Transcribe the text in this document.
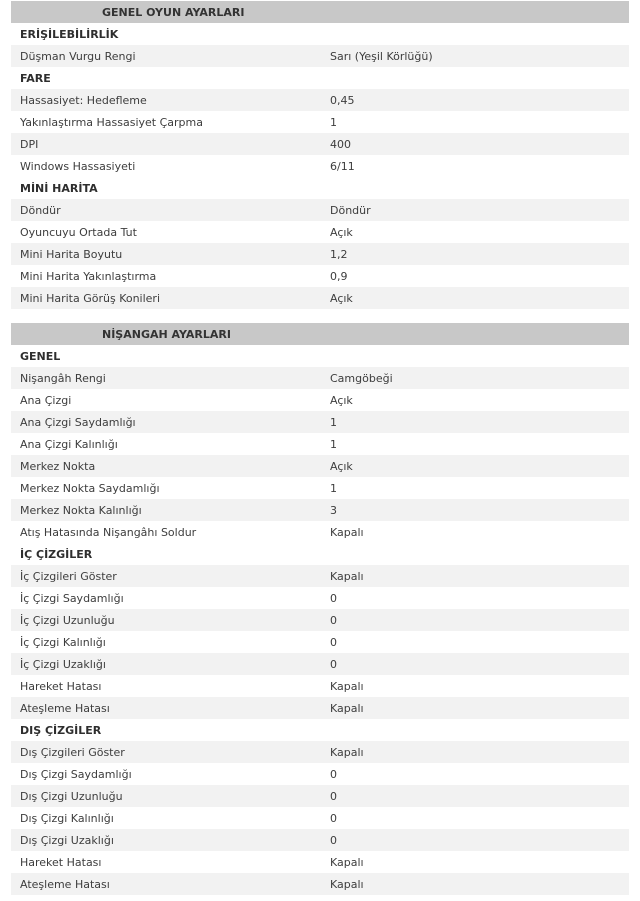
GENEL OYUN AYARLARI	
ERİŞİLEBİLİRLİK	
Düşman Vurgu Rengi	Sarı (Yeşil Körlüğü)
FARE	
Hassasiyet: Hedefleme	0,45
Yakınlaştırma Hassasiyet Çarpma	1
DPI	400
Windows Hassasiyeti	6/11
MİNİ HARİTA	
Döndür	Döndür
Oyuncuyu Ortada Tut	Açık
Mini Harita Boyutu	1,2
Mini Harita Yakınlaştırma	0,9
Mini Harita Görüş Konileri	Açık
NİŞANGAH AYARLARI	
GENEL	
Nişangâh Rengi	Camgöbeği
Ana Çizgi	Açık
Ana Çizgi Saydamlığı	1
Ana Çizgi Kalınlığı	1
Merkez Nokta	Açık
Merkez Nokta Saydamlığı	1
Merkez Nokta Kalınlığı	3
Atış Hatasında Nişangâhı Soldur	Kapalı
İÇ ÇİZGİLER	
İç Çizgileri Göster	Kapalı
İç Çizgi Saydamlığı	0
İç Çizgi Uzunluğu	0
İç Çizgi Kalınlığı	0
İç Çizgi Uzaklığı	0
Hareket Hatası	Kapalı
Ateşleme Hatası	Kapalı
DIŞ ÇİZGİLER	
Dış Çizgileri Göster	Kapalı
Dış Çizgi Saydamlığı	0
Dış Çizgi Uzunluğu	0
Dış Çizgi Kalınlığı	0
Dış Çizgi Uzaklığı	0
Hareket Hatası	Kapalı
Ateşleme Hatası	Kapalı
